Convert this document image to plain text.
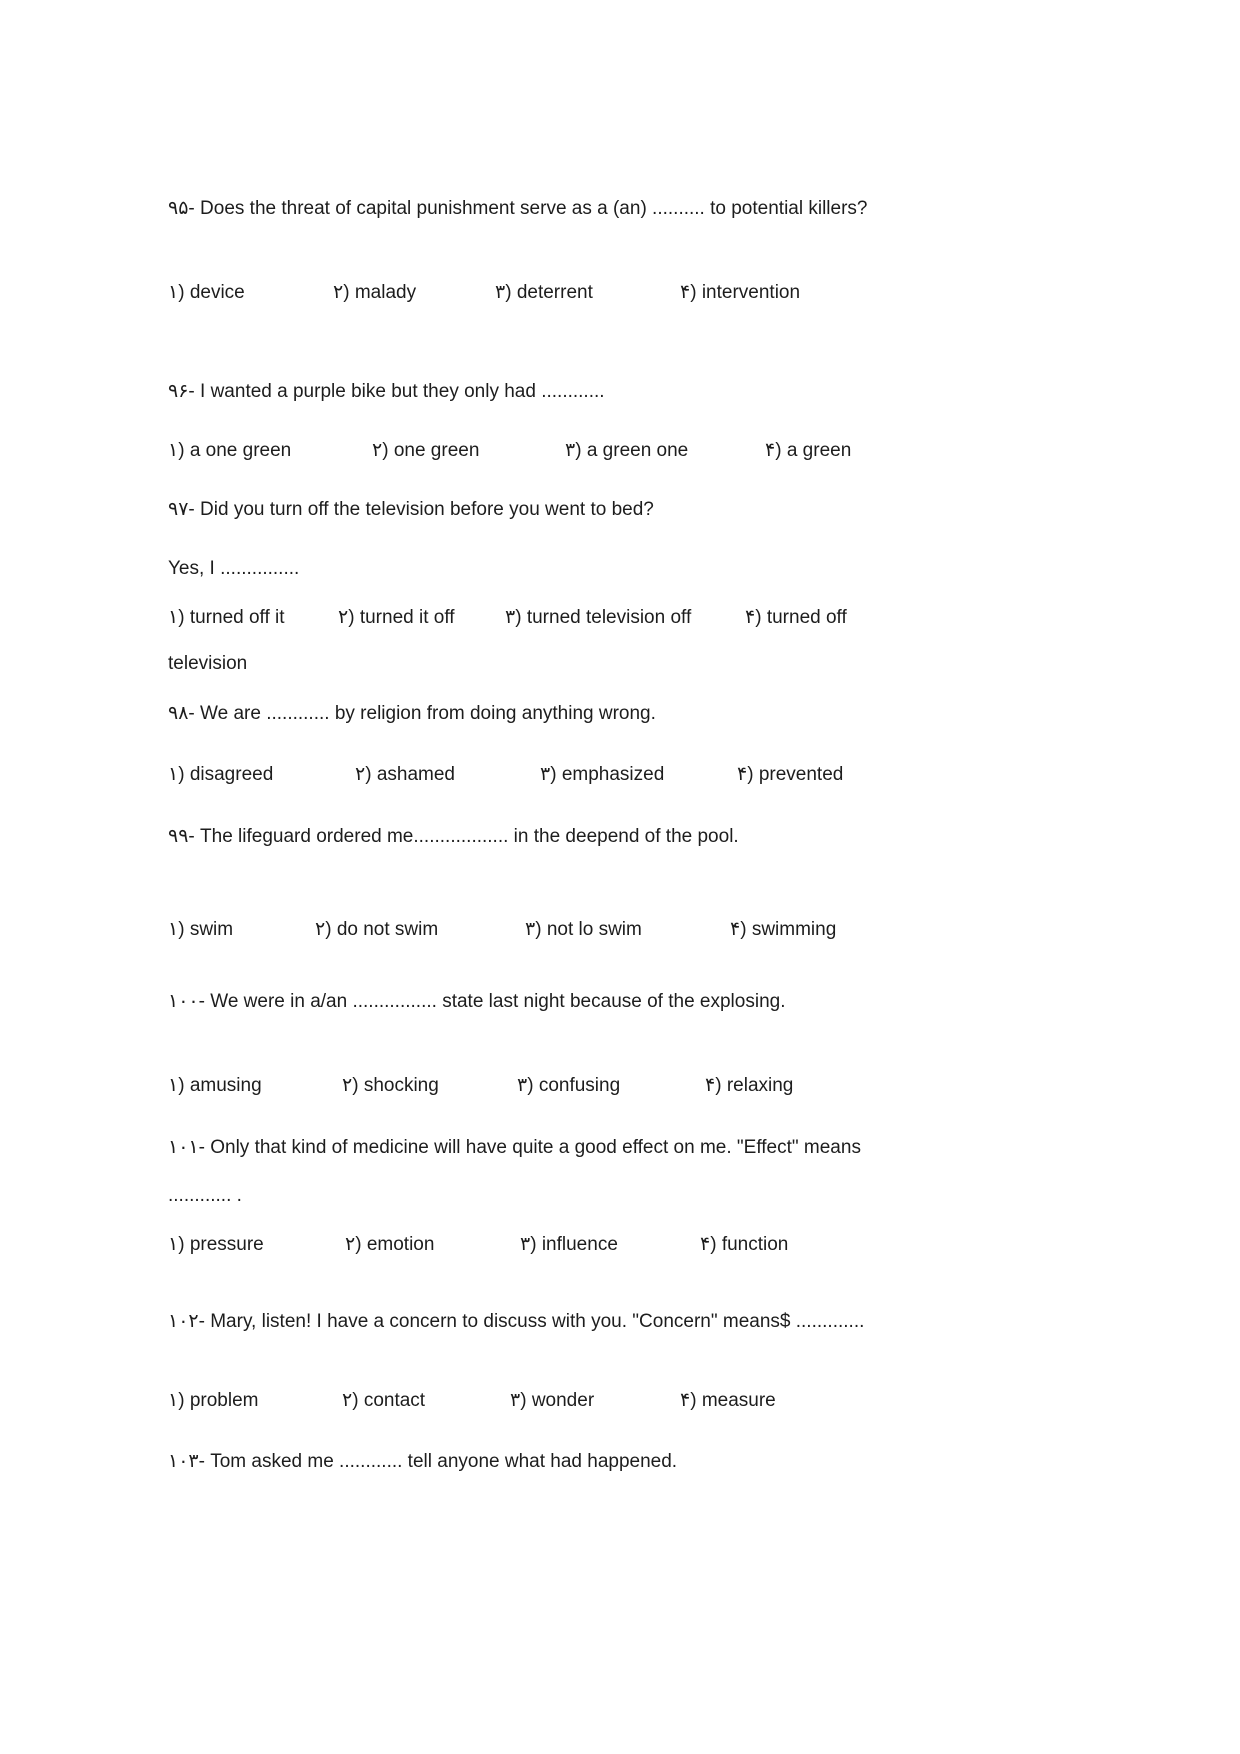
۹۵- Does the threat of capital punishment serve as a (an) .......... to potential killers?

۱) device	۲) malady	۳) deterrent	۴) intervention

۹۶- I wanted a purple bike but they only had ............

۱) a one green	۲) one green	۳) a green one	۴) a green

۹۷- Did you turn off the television before you went to bed?

Yes, I ...............

۱) turned off it	۲) turned it off	۳) turned television off	۴) turned off

television

۹۸- We are ............ by religion from doing anything wrong.

۱) disagreed	۲) ashamed	۳) emphasized	۴) prevented

۹۹- The lifeguard ordered me.................. in the deepend of the pool.

۱) swim	۲) do not swim	۳) not lo swim	۴) swimming

۱۰۰- We were in a/an ................ state last night because of the explosing.

۱) amusing	۲) shocking	۳) confusing	۴) relaxing

۱۰۱- Only that kind of medicine will have quite a good effect on me. "Effect" means

............ .

۱) pressure	۲) emotion	۳) influence	۴) function

۱۰۲- Mary, listen! I have a concern to discuss with you. "Concern" means$ .............

۱) problem	۲) contact	۳) wonder	۴) measure

۱۰۳- Tom asked me ............ tell anyone what had happened.
